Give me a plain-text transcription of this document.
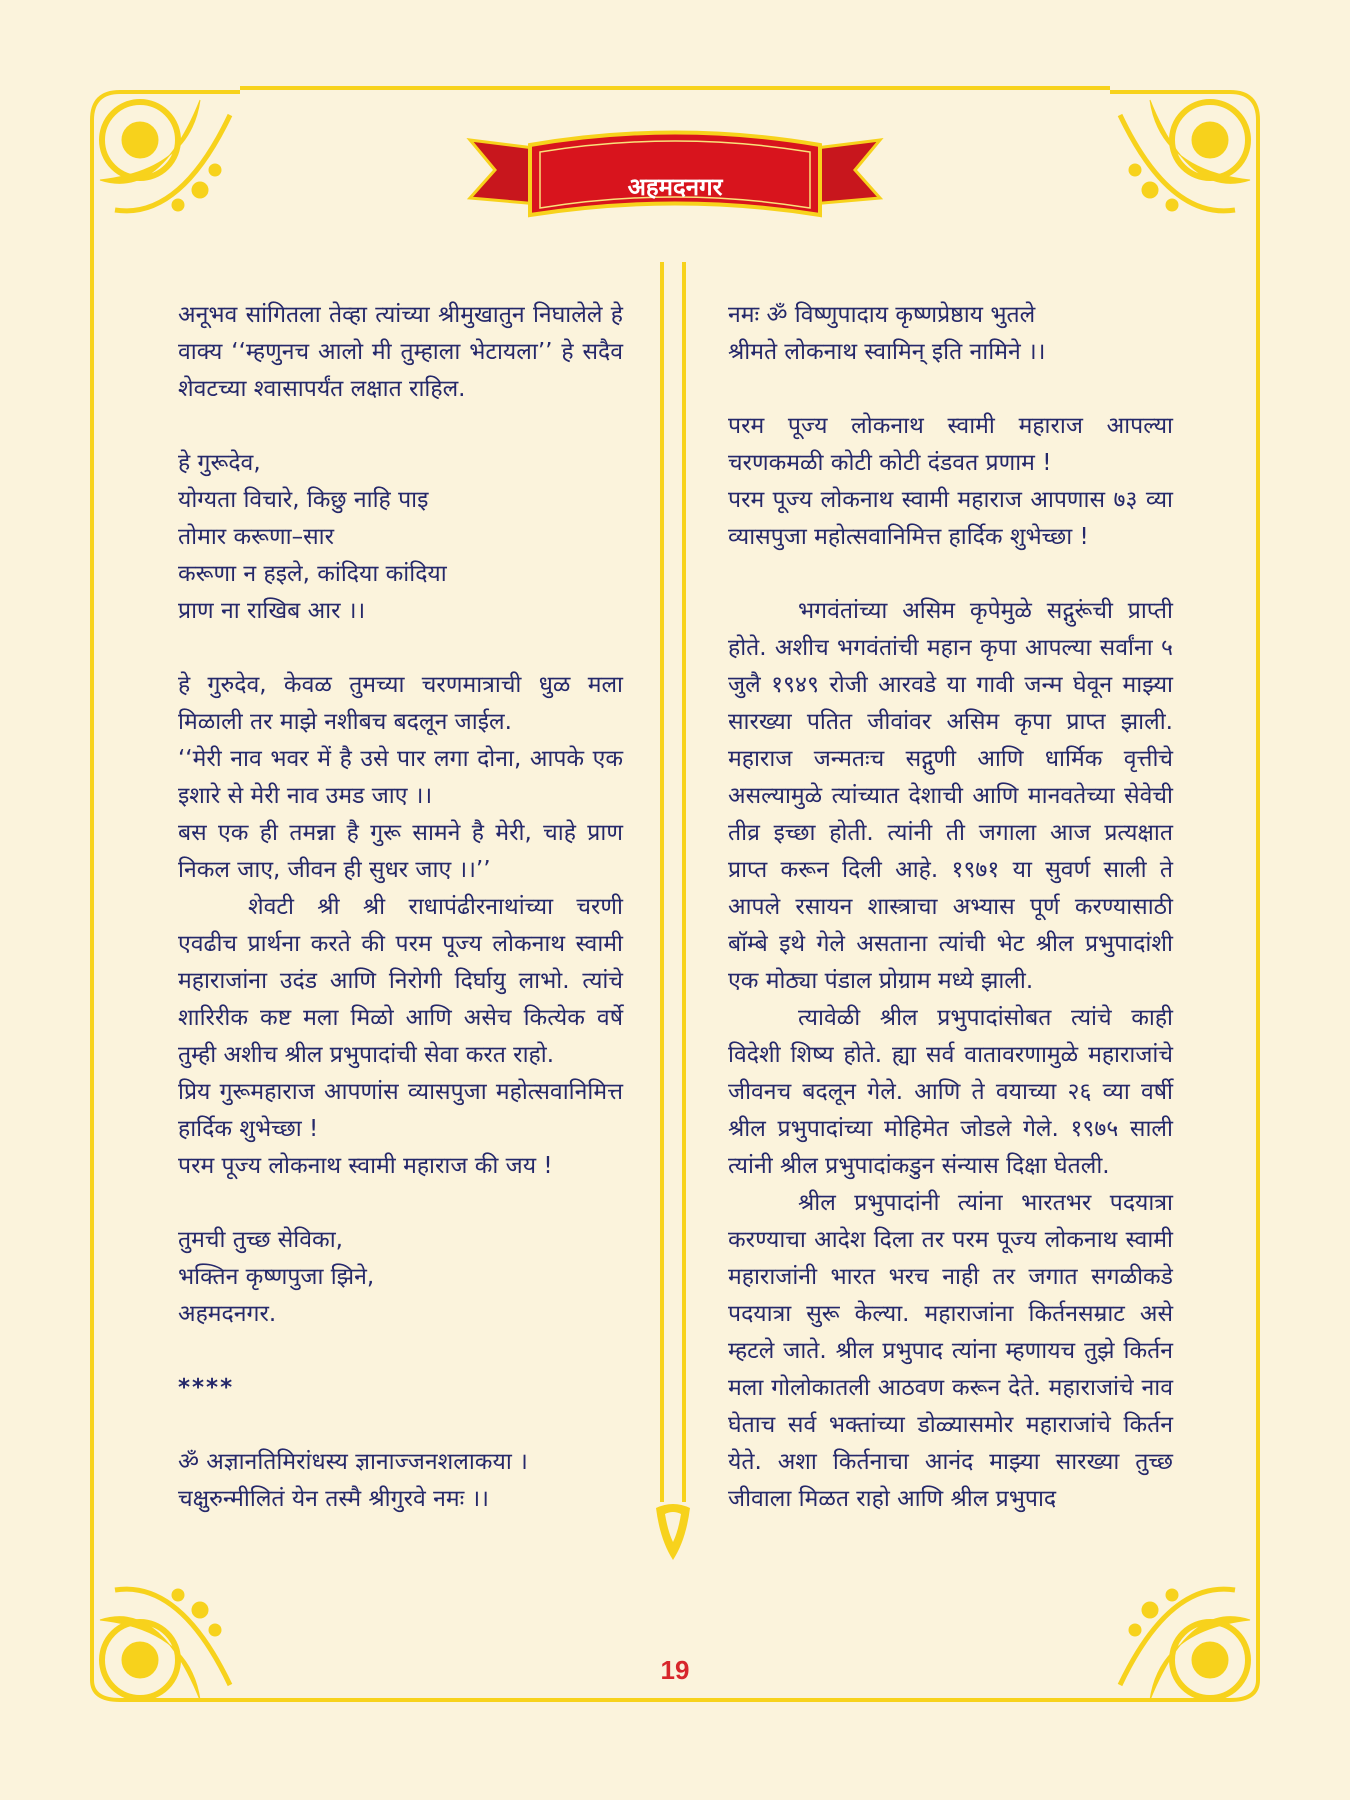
अहमदनगर

अनूभव सांगितला तेव्हा त्यांच्या श्रीमुखातुन निघालेले हे वाक्य ‘‘म्हणुनच आलो मी तुम्हाला भेटायला’’ हे सदैव शेवटच्या श्वासापर्यंत लक्षात राहिल.

हे गुरूदेव,
योग्यता विचारे, किछु नाहि पाइ
तोमार करूणा–सार
करूणा न हइले, कांदिया कांदिया
प्राण ना राखिब आर ।।

हे गुरुदेव, केवळ तुमच्या चरणमात्राची धुळ मला मिळाली तर माझे नशीबच बदलून जाईल.

‘‘मेरी नाव भवर में है उसे पार लगा दोना, आपके एक इशारे से मेरी नाव उमड जाए ।।

बस एक ही तमन्ना है गुरू सामने है मेरी, चाहे प्राण निकल जाए, जीवन ही सुधर जाए ।।’’

शेवटी श्री श्री राधापंढीरनाथांच्या चरणी एवढीच प्रार्थना करते की परम पूज्य लोकनाथ स्वामी महाराजांना उदंड आणि निरोगी दिर्घायु लाभो. त्यांचे शारिरीक कष्ट मला मिळो आणि असेच कित्येक वर्षे तुम्ही अशीच श्रील प्रभुपादांची सेवा करत राहो.

प्रिय गुरूमहाराज आपणांस व्यासपुजा महोत्सवानिमित्त हार्दिक शुभेच्छा !

परम पूज्य लोकनाथ स्वामी महाराज की जय !

तुमची तुच्छ सेविका,
भक्तिन कृष्णपुजा झिने,
अहमदनगर.

****

ॐ अज्ञानतिमिरांधस्य ज्ञानाज्जनशलाकया ।
चक्षुरुन्मीलितं येन तस्मै श्रीगुरवे नमः ।।

नमः ॐ विष्णुपादाय कृष्णप्रेष्ठाय भुतले
श्रीमते लोकनाथ स्वामिन् इति नामिने ।।

परम पूज्य लोकनाथ स्वामी महाराज आपल्या चरणकमळी कोटी कोटी दंडवत प्रणाम !

परम पूज्य लोकनाथ स्वामी महाराज आपणास ७३ व्या व्यासपुजा महोत्सवानिमित्त हार्दिक शुभेच्छा !

भगवंतांच्या असिम कृपेमुळे सद्गुरूंची प्राप्ती होते. अशीच भगवंतांची महान कृपा आपल्या सर्वांना ५ जुलै १९४९ रोजी आरवडे या गावी जन्म घेवून माझ्या सारख्या पतित जीवांवर असिम कृपा प्राप्त झाली. महाराज जन्मतःच सद्गुणी आणि धार्मिक वृत्तीचे असल्यामुळे त्यांच्यात देशाची आणि मानवतेच्या सेवेची तीव्र इच्छा होती. त्यांनी ती जगाला आज प्रत्यक्षात प्राप्त करून दिली आहे. १९७१ या सुवर्ण साली ते आपले रसायन शास्त्राचा अभ्यास पूर्ण करण्यासाठी बॉम्बे इथे गेले असताना त्यांची भेट श्रील प्रभुपादांशी एक मोठ्या पंडाल प्रोग्राम मध्ये झाली.

त्यावेळी श्रील प्रभुपादांसोबत त्यांचे काही विदेशी शिष्य होते. ह्या सर्व वातावरणामुळे महाराजांचे जीवनच बदलून गेले. आणि ते वयाच्या २६ व्या वर्षी श्रील प्रभुपादांच्या मोहिमेत जोडले गेले. १९७५ साली त्यांनी श्रील प्रभुपादांकडुन संन्यास दिक्षा घेतली.

श्रील प्रभुपादांनी त्यांना भारतभर पदयात्रा करण्याचा आदेश दिला तर परम पूज्य लोकनाथ स्वामी महाराजांनी भारत भरच नाही तर जगात सगळीकडे पदयात्रा सुरू केल्या. महाराजांना किर्तनसम्राट असे म्हटले जाते. श्रील प्रभुपाद त्यांना म्हणायच तुझे किर्तन मला गोलोकातली आठवण करून देते. महाराजांचे नाव घेताच सर्व भक्तांच्या डोळ्यासमोर महाराजांचे किर्तन येते. अशा किर्तनाचा आनंद माझ्या सारख्या तुच्छ जीवाला मिळत राहो आणि श्रील प्रभुपाद

19
